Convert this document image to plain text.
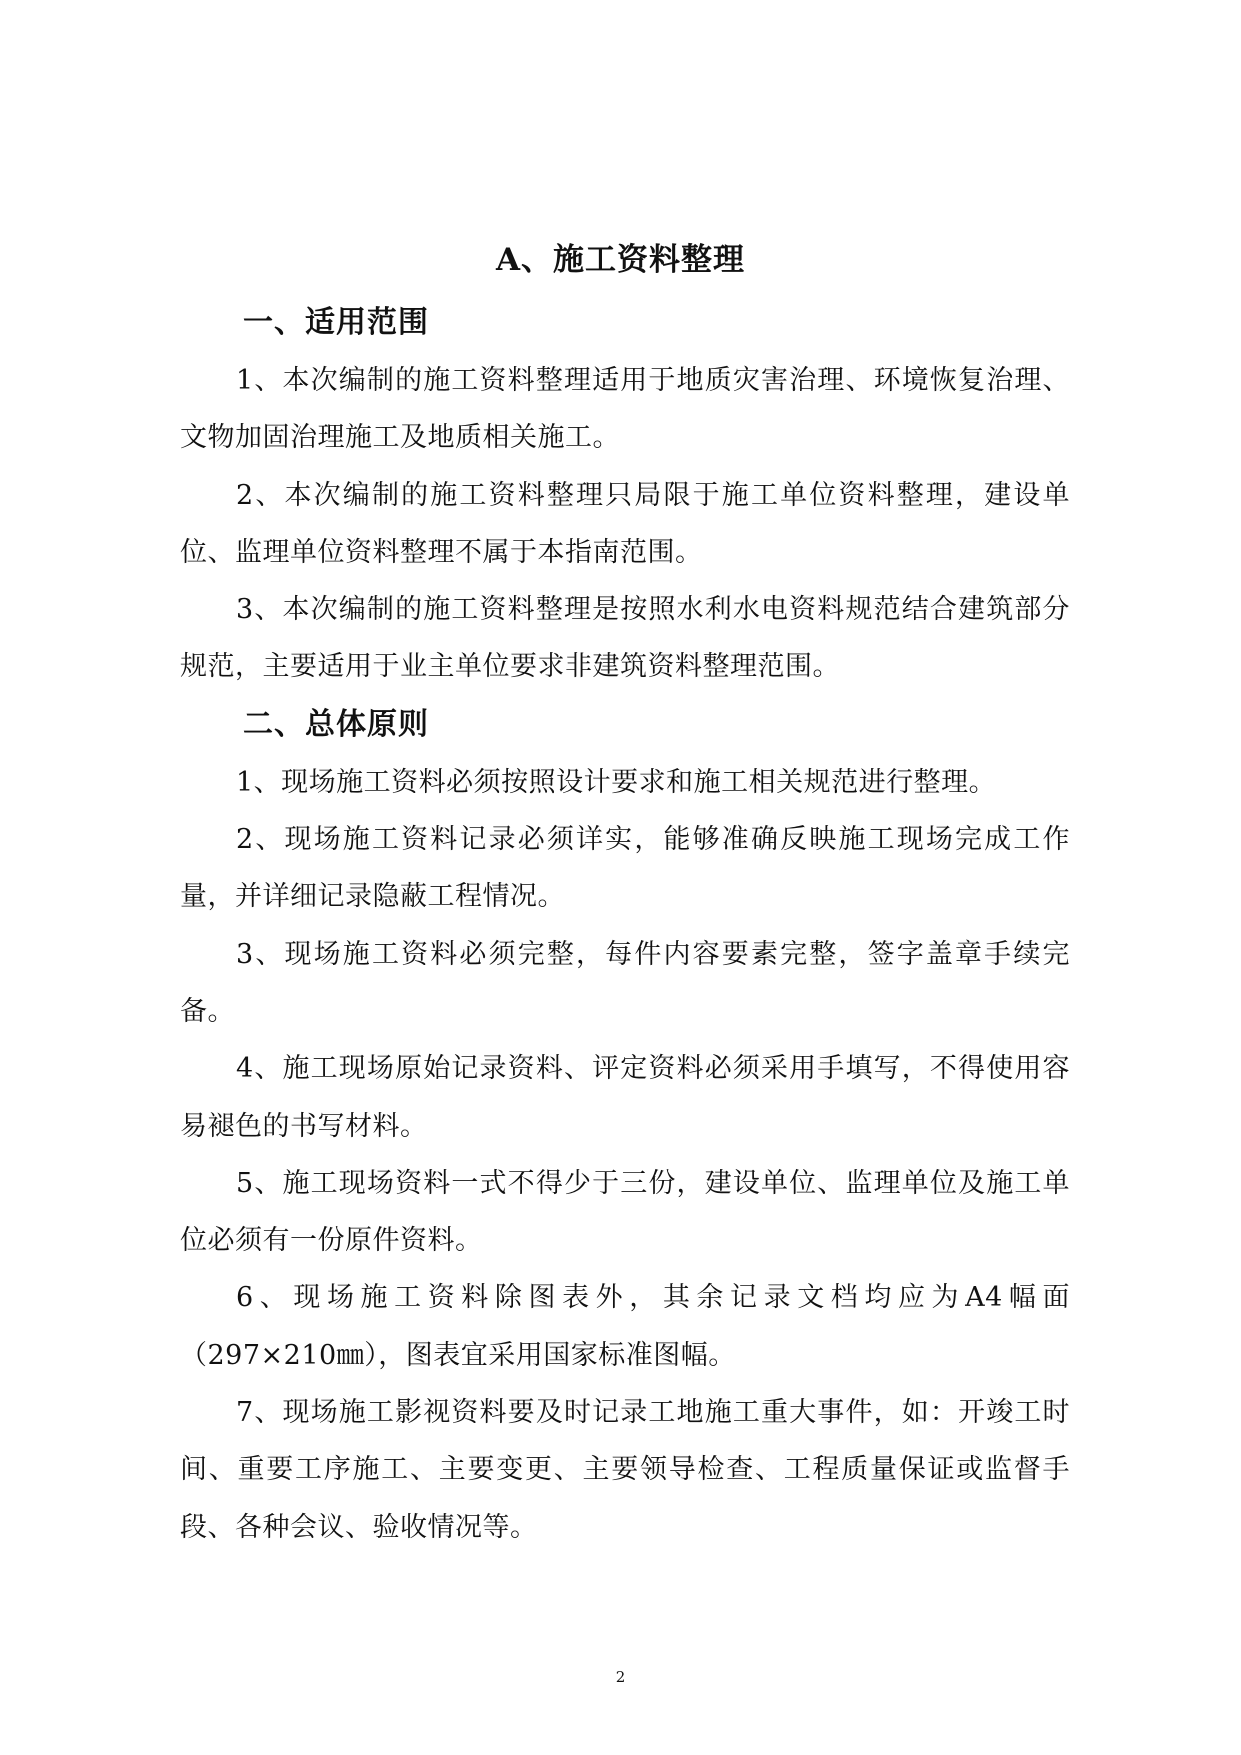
A、施工资料整理
一、适用范围

1、本次编制的施工资料整理适用于地质灾害治理、环境恢复治理、文物加固治理施工及地质相关施工。

2、本次编制的施工资料整理只局限于施工单位资料整理，建设单位、监理单位资料整理不属于本指南范围。

3、本次编制的施工资料整理是按照水利水电资料规范结合建筑部分规范，主要适用于业主单位要求非建筑资料整理范围。

二、总体原则

1、现场施工资料必须按照设计要求和施工相关规范进行整理。

2、现场施工资料记录必须详实，能够准确反映施工现场完成工作量，并详细记录隐蔽工程情况。

3、现场施工资料必须完整，每件内容要素完整，签字盖章手续完备。

4、施工现场原始记录资料、评定资料必须采用手填写，不得使用容易褪色的书写材料。

5、施工现场资料一式不得少于三份，建设单位、监理单位及施工单位必须有一份原件资料。

6、现场施工资料除图表外，其余记录文档均应为A4幅面（297×210㎜），图表宜采用国家标准图幅。

7、现场施工影视资料要及时记录工地施工重大事件，如：开竣工时间、重要工序施工、主要变更、主要领导检查、工程质量保证或监督手段、各种会议、验收情况等。

2
